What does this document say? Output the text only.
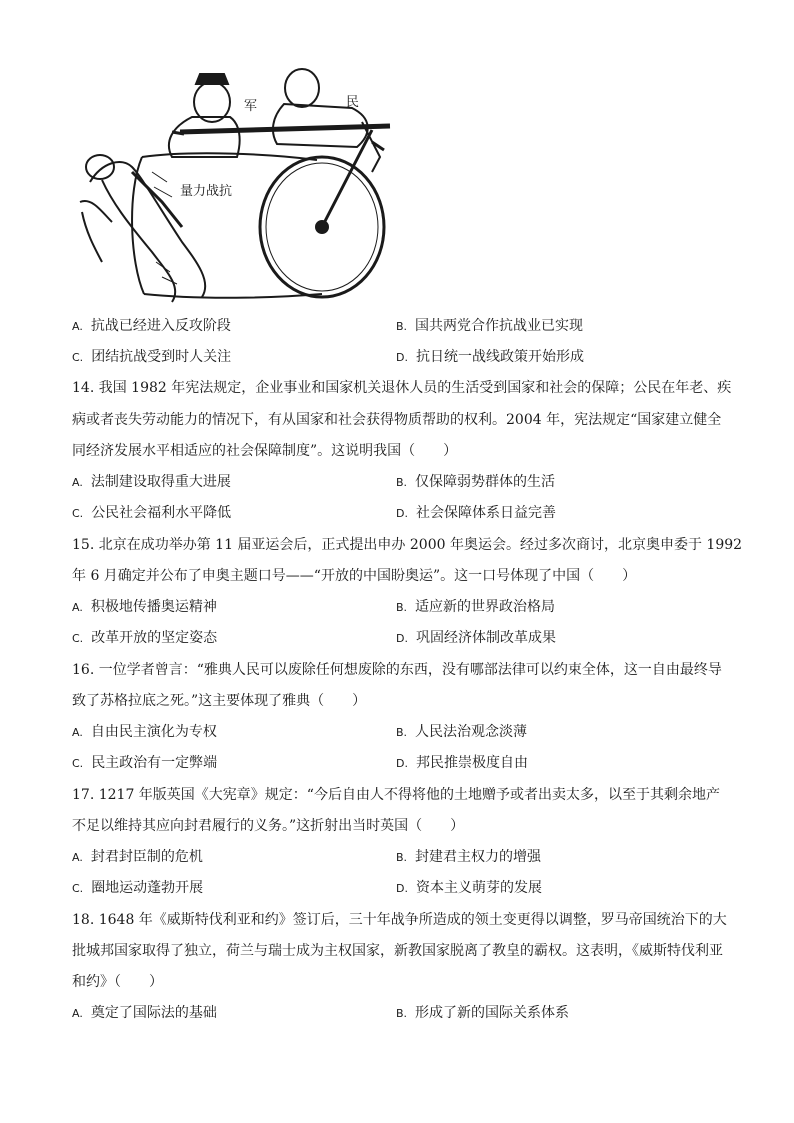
军	民
量力战抗
A. 抗战已经进入反攻阶段	B. 国共两党合作抗战业已实现
C. 团结抗战受到时人关注	D. 抗日统一战线政策开始形成
14. 我国 1982 年宪法规定，企业事业和国家机关退休人员的生活受到国家和社会的保障；公民在年老、疾
病或者丧失劳动能力的情况下，有从国家和社会获得物质帮助的权利。2004 年，宪法规定“国家建立健全
同经济发展水平相适应的社会保障制度”。这说明我国（　　）
A. 法制建设取得重大进展	B. 仅保障弱势群体的生活
C. 公民社会福利水平降低	D. 社会保障体系日益完善
15. 北京在成功举办第 11 届亚运会后，正式提出申办 2000 年奥运会。经过多次商讨，北京奥申委于 1992
年 6 月确定并公布了申奥主题口号——“开放的中国盼奥运”。这一口号体现了中国（　　）
A. 积极地传播奥运精神	B. 适应新的世界政治格局
C. 改革开放的坚定姿态	D. 巩固经济体制改革成果
16. 一位学者曾言：“雅典人民可以废除任何想废除的东西，没有哪部法律可以约束全体，这一自由最终导
致了苏格拉底之死。”这主要体现了雅典（　　）
A. 自由民主演化为专权	B. 人民法治观念淡薄
C. 民主政治有一定弊端	D. 邦民推崇极度自由
17. 1217 年版英国《大宪章》规定：“今后自由人不得将他的土地赠予或者出卖太多，以至于其剩余地产
不足以维持其应向封君履行的义务。”这折射出当时英国（　　）
A. 封君封臣制的危机	B. 封建君主权力的增强
C. 圈地运动蓬勃开展	D. 资本主义萌芽的发展
18. 1648 年《威斯特伐利亚和约》签订后，三十年战争所造成的领土变更得以调整，罗马帝国统治下的大
批城邦国家取得了独立，荷兰与瑞士成为主权国家，新教国家脱离了教皇的霸权。这表明，《威斯特伐利亚
和约》（　　）
A. 奠定了国际法的基础	B. 形成了新的国际关系体系
